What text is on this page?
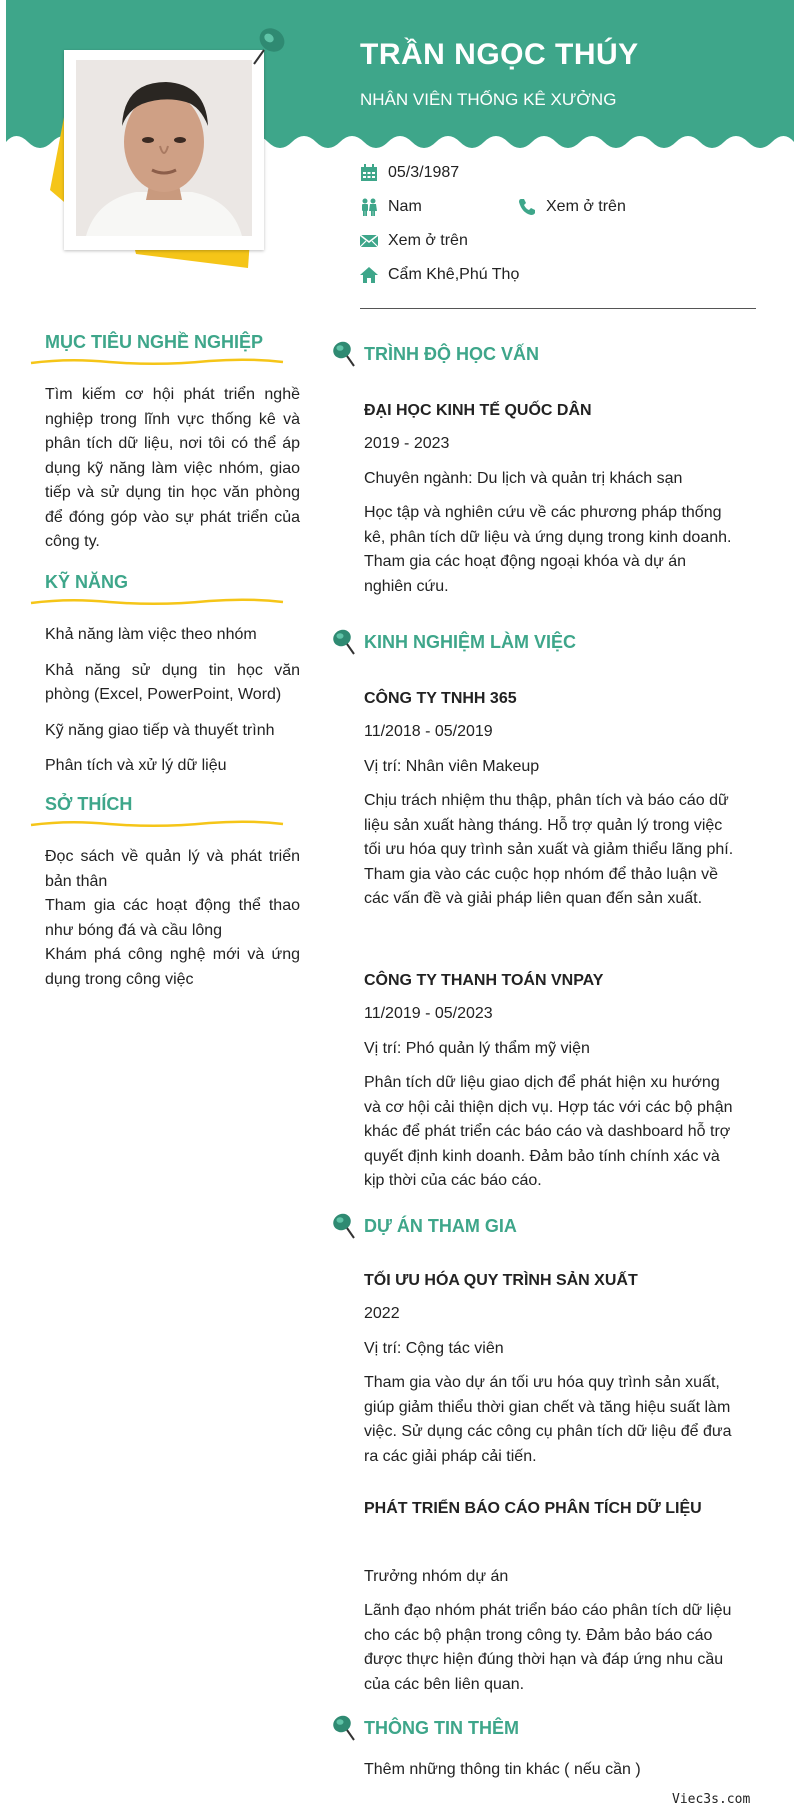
TRẦN NGỌC THÚY
NHÂN VIÊN THỐNG KÊ XƯỞNG
05/3/1987
Nam	Xem ở trên
Xem ở trên
Cẩm Khê,Phú Thọ
MỤC TIÊU NGHỀ NGHIỆP

Tìm kiếm cơ hội phát triển nghề nghiệp trong lĩnh vực thống kê và phân tích dữ liệu, nơi tôi có thể áp dụng kỹ năng làm việc nhóm, giao tiếp và sử dụng tin học văn phòng để đóng góp vào sự phát triển của công ty.

KỸ NĂNG
Khả năng làm việc theo nhóm
Khả năng sử dụng tin học văn phòng (Excel, PowerPoint, Word)
Kỹ năng giao tiếp và thuyết trình
Phân tích và xử lý dữ liệu
SỞ THÍCH
Đọc sách về quản lý và phát triển bản thân
Tham gia các hoạt động thể thao như bóng đá và cầu lông
Khám phá công nghệ mới và ứng dụng trong công việc
TRÌNH ĐỘ HỌC VẤN
ĐẠI HỌC KINH TẾ QUỐC DÂN
2019 - 2023
Chuyên ngành: Du lịch và quản trị khách sạn
Học tập và nghiên cứu về các phương pháp thống kê, phân tích dữ liệu và ứng dụng trong kinh doanh. Tham gia các hoạt động ngoại khóa và dự án nghiên cứu.
KINH NGHIỆM LÀM VIỆC
CÔNG TY TNHH 365
11/2018 - 05/2019
Vị trí: Nhân viên Makeup
Chịu trách nhiệm thu thập, phân tích và báo cáo dữ liệu sản xuất hàng tháng. Hỗ trợ quản lý trong việc tối ưu hóa quy trình sản xuất và giảm thiểu lãng phí. Tham gia vào các cuộc họp nhóm để thảo luận về các vấn đề và giải pháp liên quan đến sản xuất.
CÔNG TY THANH TOÁN VNPAY
11/2019 - 05/2023
Vị trí: Phó quản lý thẩm mỹ viện
Phân tích dữ liệu giao dịch để phát hiện xu hướng và cơ hội cải thiện dịch vụ. Hợp tác với các bộ phận khác để phát triển các báo cáo và dashboard hỗ trợ quyết định kinh doanh. Đảm bảo tính chính xác và kịp thời của các báo cáo.
DỰ ÁN THAM GIA
TỐI ƯU HÓA QUY TRÌNH SẢN XUẤT
2022
Vị trí: Cộng tác viên
Tham gia vào dự án tối ưu hóa quy trình sản xuất, giúp giảm thiểu thời gian chết và tăng hiệu suất làm việc. Sử dụng các công cụ phân tích dữ liệu để đưa ra các giải pháp cải tiến.
PHÁT TRIỂN BÁO CÁO PHÂN TÍCH DỮ LIỆU
Trưởng nhóm dự án
Lãnh đạo nhóm phát triển báo cáo phân tích dữ liệu cho các bộ phận trong công ty. Đảm bảo báo cáo được thực hiện đúng thời hạn và đáp ứng nhu cầu của các bên liên quan.
THÔNG TIN THÊM
Thêm những thông tin khác ( nếu cần )
Viec3s.com
